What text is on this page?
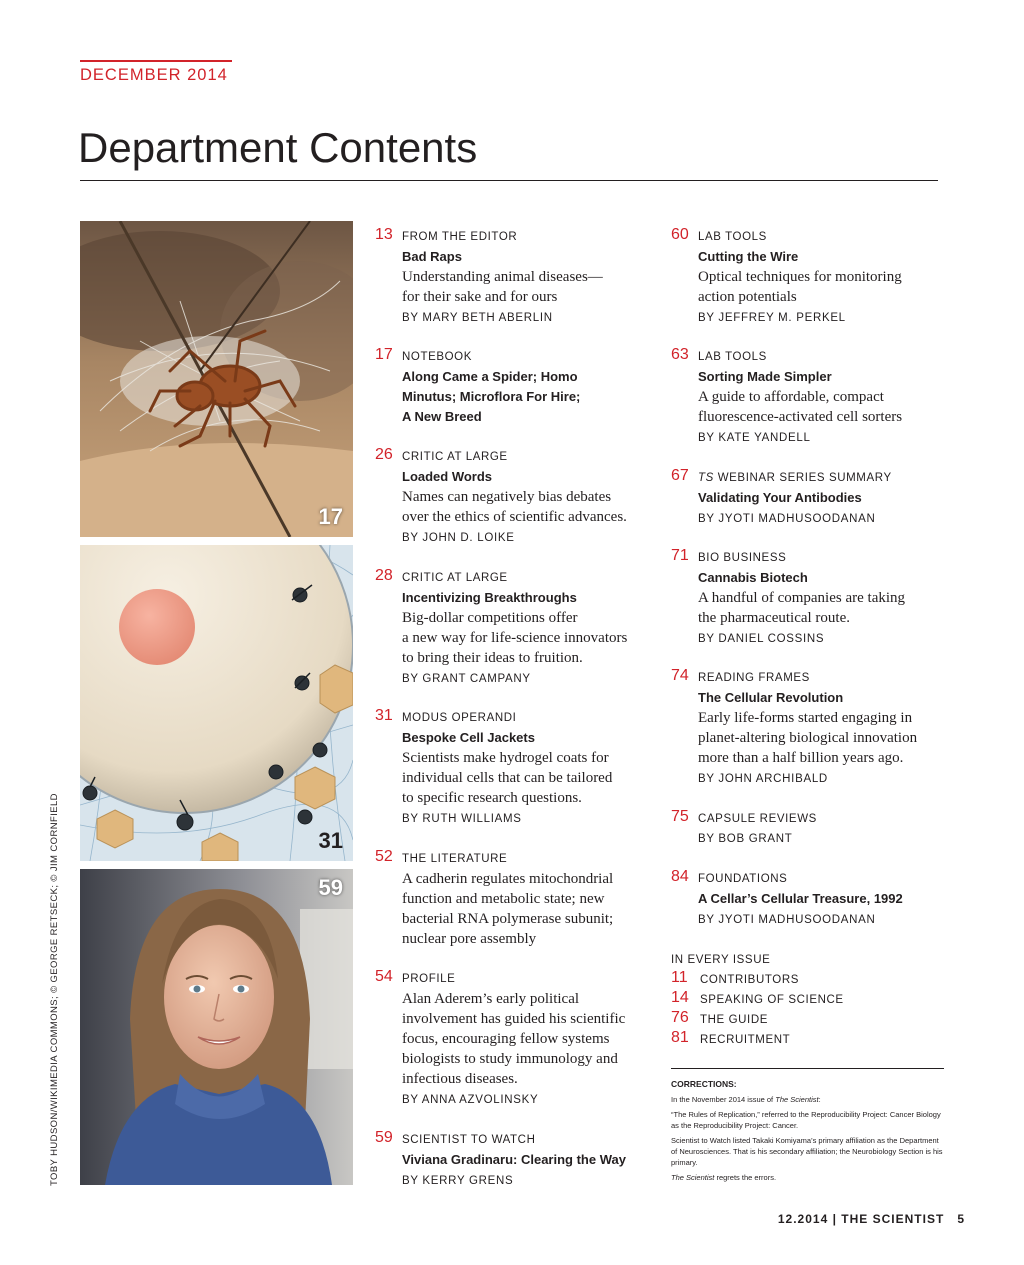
DECEMBER 2014
Department Contents
TOBY HUDSON/WIKIMEDIA COMMONS; © GEORGE RETSECK; © JIM CORNFIELD
17
31
59
13 FROM THE EDITOR
Bad Raps
Understanding animal diseases—
for their sake and for ours
BY MARY BETH ABERLIN
17 NOTEBOOK
Along Came a Spider; Homo
Minutus; Microflora For Hire;
A New Breed
26 CRITIC AT LARGE
Loaded Words
Names can negatively bias debates
over the ethics of scientific advances.
BY JOHN D. LOIKE
28 CRITIC AT LARGE
Incentivizing Breakthroughs
Big-dollar competitions offer
a new way for life-science innovators
to bring their ideas to fruition.
BY GRANT CAMPANY
31 MODUS OPERANDI
Bespoke Cell Jackets
Scientists make hydrogel coats for
individual cells that can be tailored
to specific research questions.
BY RUTH WILLIAMS
52 THE LITERATURE
A cadherin regulates mitochondrial
function and metabolic state; new
bacterial RNA polymerase subunit;
nuclear pore assembly
54 PROFILE
Alan Aderem’s early political
involvement has guided his scientific
focus, encouraging fellow systems
biologists to study immunology and
infectious diseases.
BY ANNA AZVOLINSKY
59 SCIENTIST TO WATCH
Viviana Gradinaru: Clearing the Way
BY KERRY GRENS
60 LAB TOOLS
Cutting the Wire
Optical techniques for monitoring
action potentials
BY JEFFREY M. PERKEL
63 LAB TOOLS
Sorting Made Simpler
A guide to affordable, compact
fluorescence-activated cell sorters
BY KATE YANDELL
67 TS WEBINAR SERIES SUMMARY
Validating Your Antibodies
BY JYOTI MADHUSOODANAN
71 BIO BUSINESS
Cannabis Biotech
A handful of companies are taking
the pharmaceutical route.
BY DANIEL COSSINS
74 READING FRAMES
The Cellular Revolution
Early life-forms started engaging in
planet-altering biological innovation
more than a half billion years ago.
BY JOHN ARCHIBALD
75 CAPSULE REVIEWS
BY BOB GRANT
84 FOUNDATIONS
A Cellar’s Cellular Treasure, 1992
BY JYOTI MADHUSOODANAN
IN EVERY ISSUE
11 CONTRIBUTORS
14 SPEAKING OF SCIENCE
76 THE GUIDE
81 RECRUITMENT
CORRECTIONS:
In the November 2014 issue of The Scientist:
“The Rules of Replication,” referred to the Reproducibility Project: Cancer Biology as the Reproducibility Project: Cancer.
Scientist to Watch listed Takaki Komiyama’s primary affiliation as the Department of Neurosciences. That is his secondary affiliation; the Neurobiology Section is his primary.
The Scientist regrets the errors.
12.2014 | THE SCIENTIST 5
